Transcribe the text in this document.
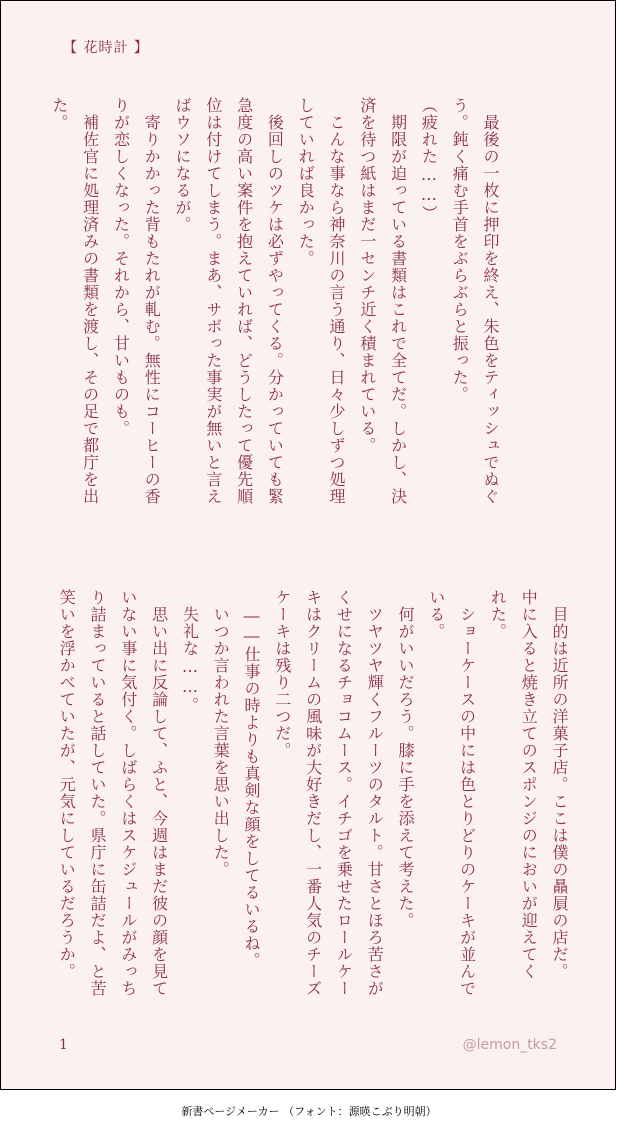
【 花時計 】
　最後の一枚に押印を終え、朱色をティッシュでぬぐ
う。鈍く痛む手首をぶらぶらと振った。
（疲れた……）
　期限が迫っている書類はこれで全てだ。しかし、決
済を待つ紙はまだ一センチ近く積まれている。
　こんな事なら神奈川の言う通り、日々少しずつ処理
していれば良かった。
　後回しのツケは必ずやってくる。分かっていても緊
急度の高い案件を抱えていれば、どうしたって優先順
位は付けてしまう。まあ、サボった事実が無いと言え
ばウソになるが。
　寄りかかった背もたれが軋む。無性にコーヒーの香
りが恋しくなった。それから、甘いものも。
　補佐官に処理済みの書類を渡し、その足で都庁を出
た。
　目的は近所の洋菓子店。ここは僕の贔屓の店だ。
中に入ると焼き立てのスポンジのにおいが迎えてく
れた。
　ショーケースの中には色とりどりのケーキが並んで
いる。
　何がいいだろう。膝に手を添えて考えた。
　ツヤツヤ輝くフルーツのタルト。甘さとほろ苦さが
くせになるチョコムース。イチゴを乗せたロールケー
キはクリームの風味が大好きだし、一番人気のチーズ
ケーキは残り二つだ。
　――仕事の時よりも真剣な顔をしてるいるね。
　いつか言われた言葉を思い出した。
　失礼な……。
　思い出に反論して、ふと、今週はまだ彼の顔を見て
いない事に気付く。しばらくはスケジュールがみっち
り詰まっていると話していた。県庁に缶詰だよ、と苦
笑いを浮かべていたが、元気にしているだろうか。
1	@lemon_tks2
新書ページメーカー （フォント：源暎こぶり明朝）
